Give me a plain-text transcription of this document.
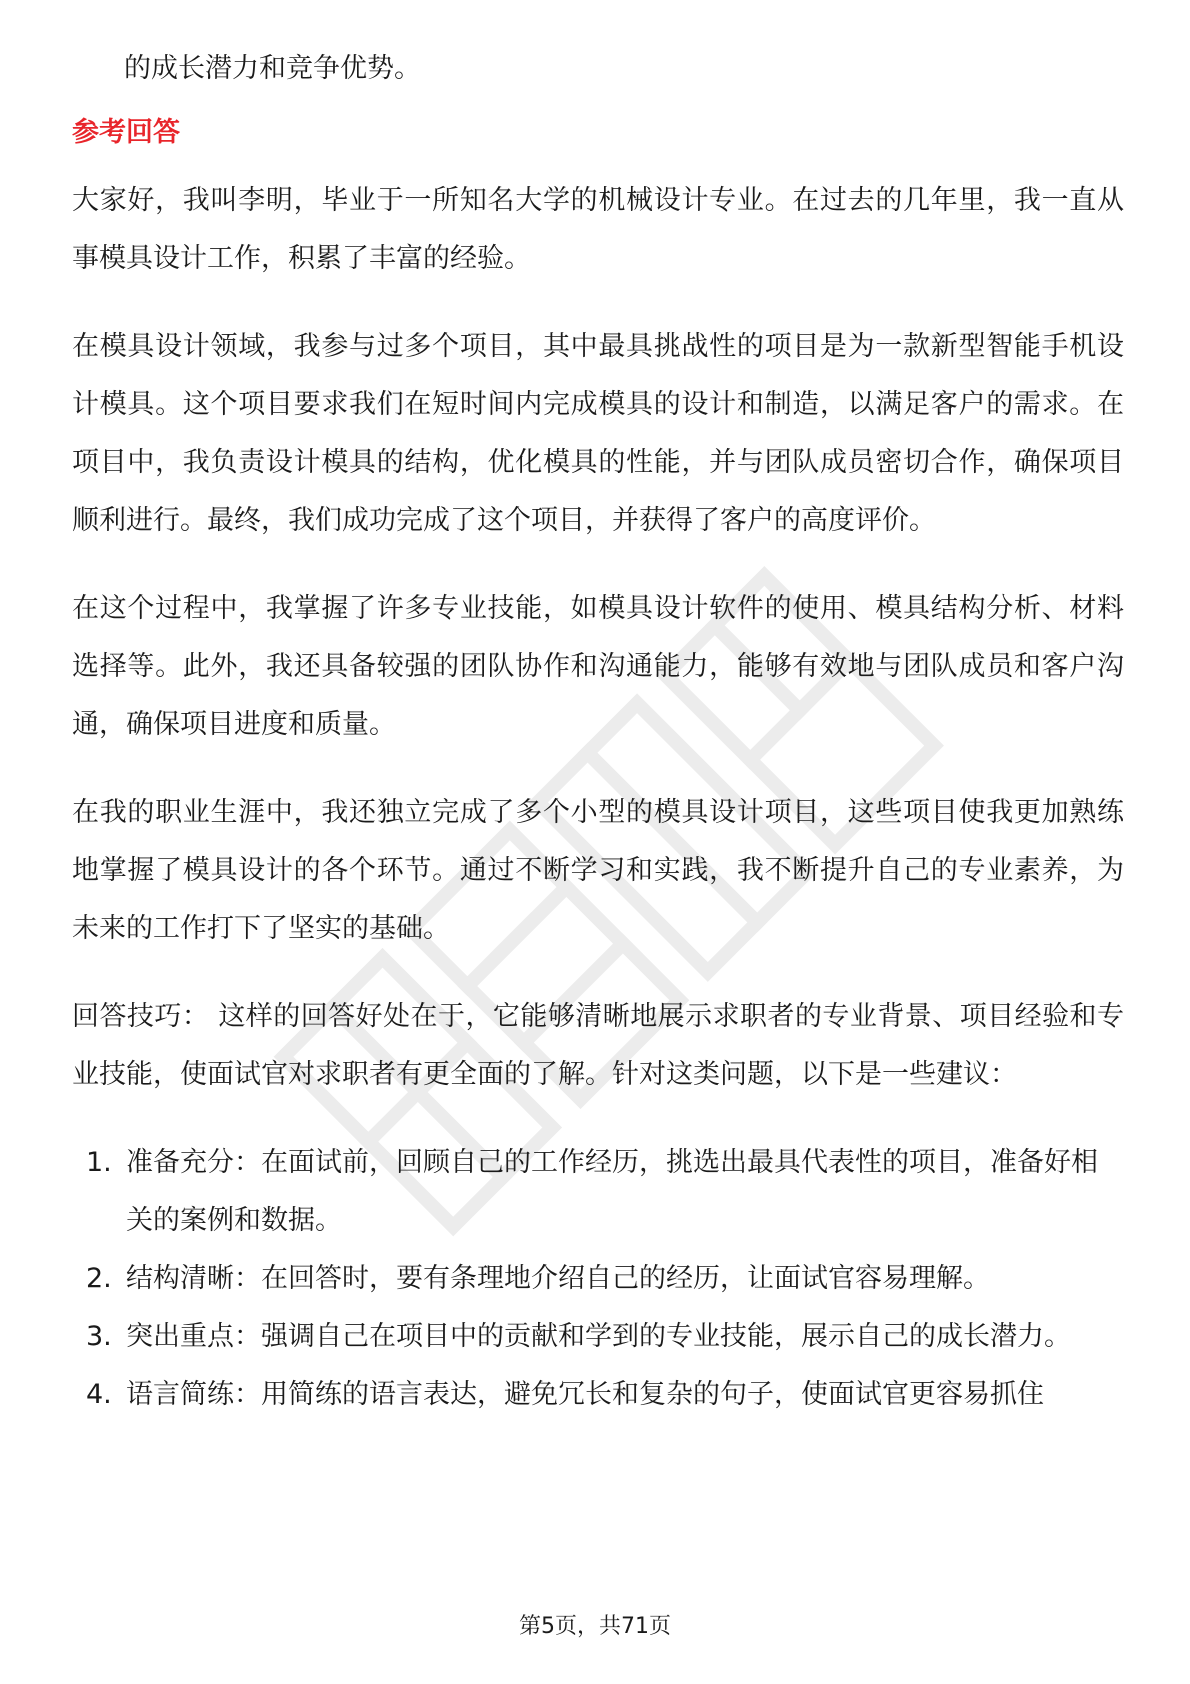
的成长潜力和竞争优势。

参考回答

大家好，我叫李明，毕业于一所知名大学的机械设计专业。在过去的几年里，我一直从事模具设计工作，积累了丰富的经验。

在模具设计领域，我参与过多个项目，其中最具挑战性的项目是为一款新型智能手机设计模具。这个项目要求我们在短时间内完成模具的设计和制造，以满足客户的需求。在项目中，我负责设计模具的结构，优化模具的性能，并与团队成员密切合作，确保项目顺利进行。最终，我们成功完成了这个项目，并获得了客户的高度评价。

在这个过程中，我掌握了许多专业技能，如模具设计软件的使用、模具结构分析、材料选择等。此外，我还具备较强的团队协作和沟通能力，能够有效地与团队成员和客户沟通，确保项目进度和质量。

在我的职业生涯中，我还独立完成了多个小型的模具设计项目，这些项目使我更加熟练地掌握了模具设计的各个环节。通过不断学习和实践，我不断提升自己的专业素养，为未来的工作打下了坚实的基础。

回答技巧： 这样的回答好处在于，它能够清晰地展示求职者的专业背景、项目经验和专业技能，使面试官对求职者有更全面的了解。针对这类问题，以下是一些建议：

1. 准备充分：在面试前，回顾自己的工作经历，挑选出最具代表性的项目，准备好相关的案例和数据。
2. 结构清晰：在回答时，要有条理地介绍自己的经历，让面试官容易理解。
3. 突出重点：强调自己在项目中的贡献和学到的专业技能，展示自己的成长潜力。
4. 语言简练：用简练的语言表达，避免冗长和复杂的句子，使面试官更容易抓住
第5页，共71页
